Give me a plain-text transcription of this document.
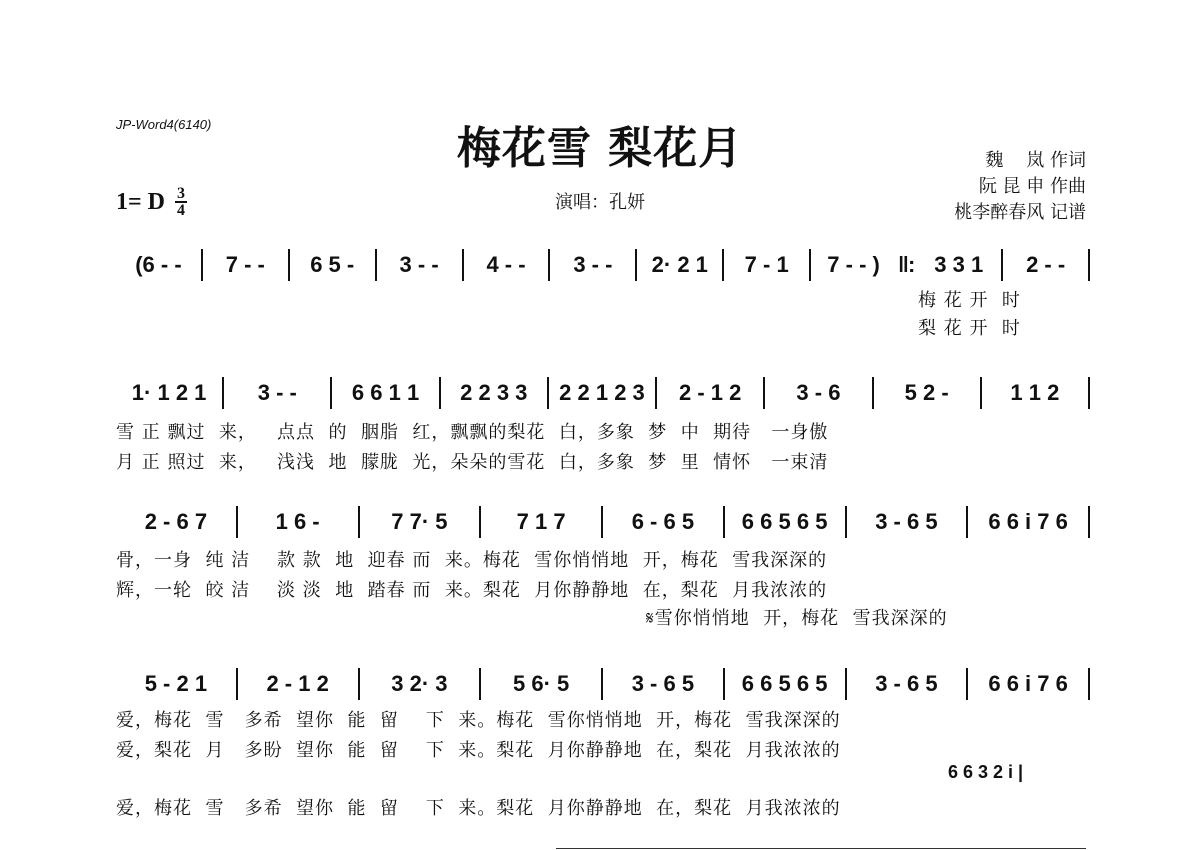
JP-Word4(6140)	梅花雪 梨花月
演唱：孔妍
1= D $\frac{3}{4}$
魏    岚 作词
阮 昆 申 作曲
桃李醉春风 记谱
(6 - -	7 - -	6 5 -	3 - -	4 - -	3 - -	2· 2 1	7 - 1	7 - - ) ‖: 3 3 1	2 - -
梅 花 开  时
梨 花 开  时
1· 1 2 1	3 - -	6 6 1 1	2 2 3 3	2 2 1 2 3	2 - 1 2	3 - 6	5 2 -	1 1 2
雪 正 飘过  来，   点点  的  胭脂  红，飘飘的梨花  白，多象  梦  中  期待   一身傲
月 正 照过  来，   浅浅  地  朦胧  光，朵朵的雪花  白，多象  梦  里  情怀   一束清
2 - 6 7	1 6 -	7 7· 5	7 1 7	6 - 6 5	6 6 5 6 5	3 - 6 5	6 6 i 7 6
骨，一身  纯 洁    款 款  地  迎春 而  来。梅花  雪你悄悄地  开，梅花  雪我深深的
辉，一轮  皎 洁    淡 淡  地  踏春 而  来。梨花  月你静静地  在，梨花  月我浓浓的
𝄋雪你悄悄地  开，梅花  雪我深深的
5 - 2 1	2 - 1 2	3 2· 3	5 6· 5	3 - 6 5	6 6 5 6 5	3 - 6 5	6 6 i 7 6
爱，梅花  雪   多希  望你  能  留    下  来。梅花  雪你悄悄地  开，梅花  雪我深深的
爱，梨花  月   多盼  望你  能  留    下  来。梨花  月你静静地  在，梨花  月我浓浓的
6 6 3 2 i |
爱，梅花  雪   多希  望你  能  留    下  来。梨花  月你静静地  在，梨花  月我浓浓的
